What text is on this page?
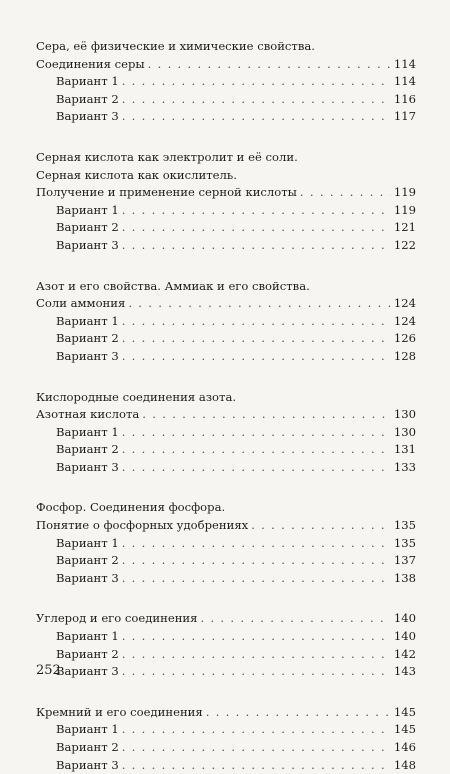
Сера, её физические и химические свойства.
Соединения серы . . .	114
Вариант 1 . . .	114
Вариант 2 . . .	116
Вариант 3 . . .	117
Серная кислота как электролит и её соли.
Серная кислота как окислитель.
Получение и применение серной кислоты . . .	119
Вариант 1 . . .	119
Вариант 2 . . .	121
Вариант 3 . . .	122
Азот и его свойства. Аммиак и его свойства.
Соли аммония . . .	124
Вариант 1 . . .	124
Вариант 2 . . .	126
Вариант 3 . . .	128
Кислородные соединения азота.
Азотная кислота . . .	130
Вариант 1 . . .	130
Вариант 2 . . .	131
Вариант 3 . . .	133
Фосфор. Соединения фосфора.
Понятие о фосфорных удобрениях . . .	135
Вариант 1 . . .	135
Вариант 2 . . .	137
Вариант 3 . . .	138
Углерод и его соединения . . .	140
Вариант 1 . . .	140
Вариант 2 . . .	142
Вариант 3 . . .	143
Кремний и его соединения . . .	145
Вариант 1 . . .	145
Вариант 2 . . .	146
Вариант 3 . . .	148
252
